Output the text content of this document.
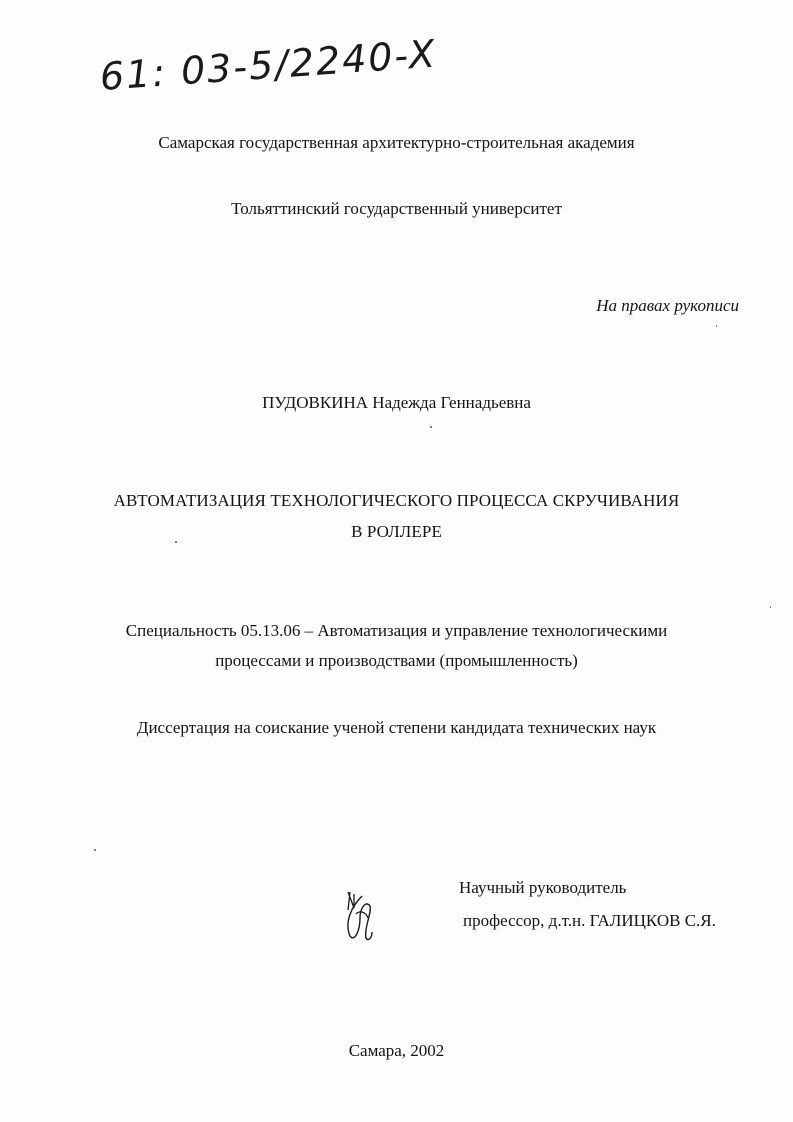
61: 03-5/2240-X
Самарская государственная архитектурно-строительная академия
Тольяттинский государственный университет
На правах рукописи
ПУДОВКИНА Надежда Геннадьевна
АВТОМАТИЗАЦИЯ ТЕХНОЛОГИЧЕСКОГО ПРОЦЕССА СКРУЧИВАНИЯ
В РОЛЛЕРЕ
Специальность 05.13.06 – Автоматизация и управление технологическими
процессами и производствами (промышленность)
Диссертация на соискание ученой степени кандидата технических наук
Научный руководитель
профессор, д.т.н. ГАЛИЦКОВ С.Я.
Самара, 2002
